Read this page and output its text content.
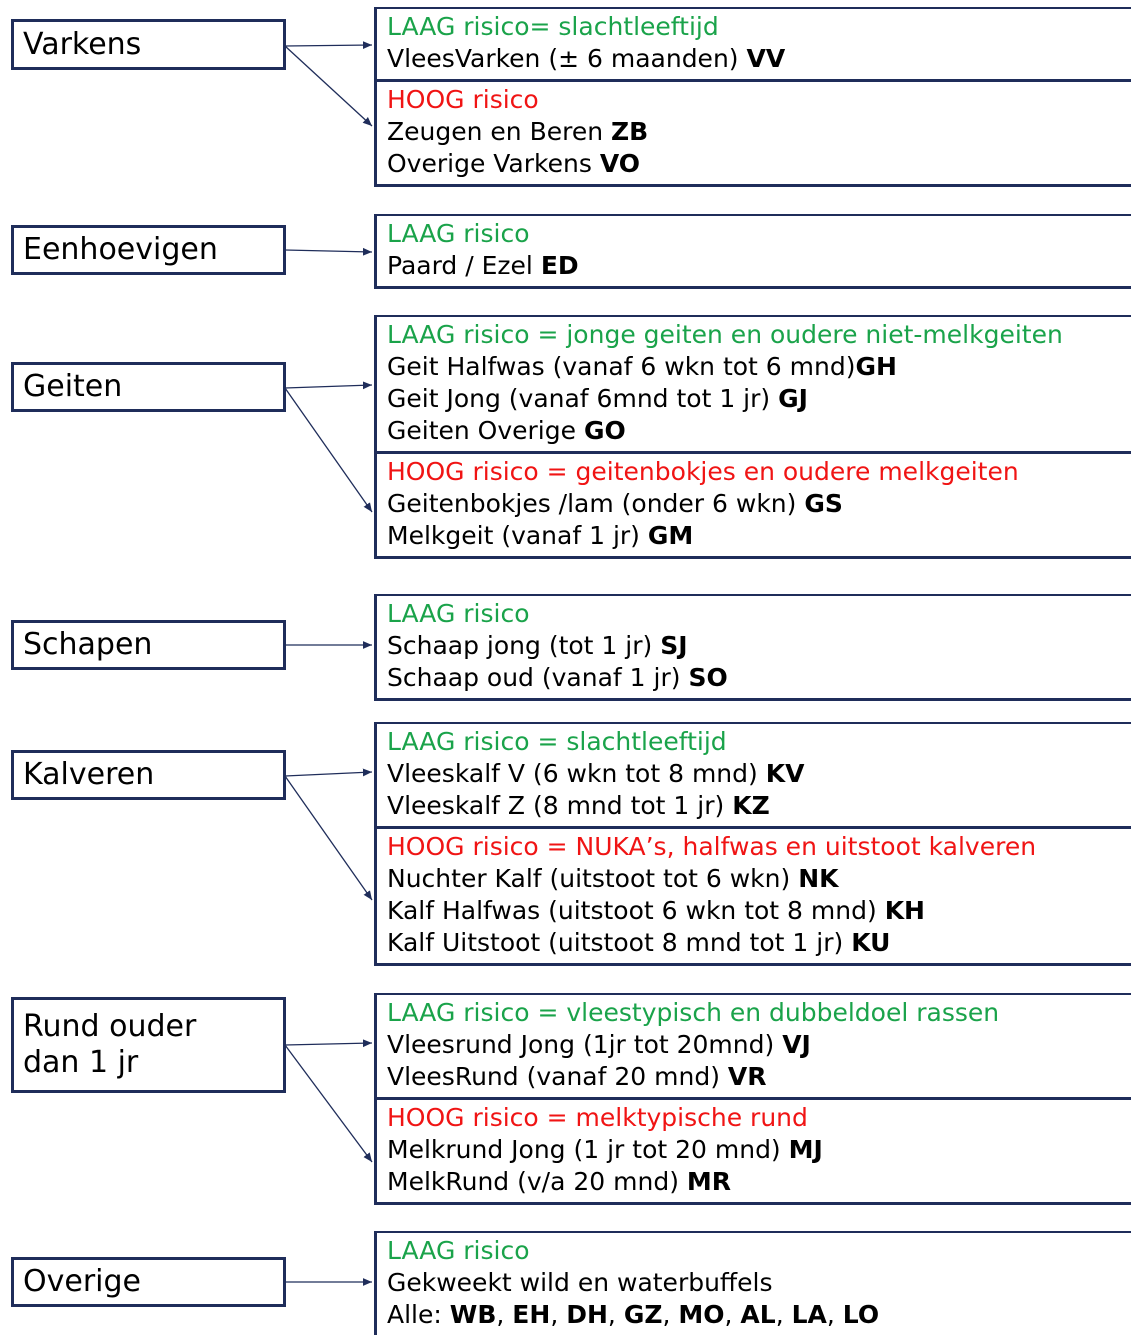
Varkens
Eenhoevigen
Geiten
Schapen
Kalveren
Rund ouder
dan 1 jr
Overige
LAAG risico= slachtleeftijd
VleesVarken (± 6 maanden) VV
HOOG risico
Zeugen en Beren ZB
Overige Varkens VO
LAAG risico
Paard / Ezel ED
LAAG risico = jonge geiten en oudere niet-melkgeiten
Geit Halfwas (vanaf 6 wkn tot 6 mnd)GH
Geit Jong (vanaf 6mnd tot 1 jr) GJ
Geiten Overige GO
HOOG risico = geitenbokjes en oudere melkgeiten
Geitenbokjes /lam (onder 6 wkn) GS
Melkgeit (vanaf 1 jr) GM
LAAG risico
Schaap jong (tot 1 jr) SJ
Schaap oud (vanaf 1 jr) SO
LAAG risico = slachtleeftijd
Vleeskalf V (6 wkn tot 8 mnd) KV
Vleeskalf Z (8 mnd tot 1 jr) KZ
HOOG risico = NUKA’s, halfwas en uitstoot kalveren
Nuchter Kalf (uitstoot tot 6 wkn) NK
Kalf Halfwas (uitstoot 6 wkn tot 8 mnd) KH
Kalf Uitstoot (uitstoot 8 mnd tot 1 jr) KU
LAAG risico = vleestypisch en dubbeldoel rassen
Vleesrund Jong (1jr tot 20mnd) VJ
VleesRund (vanaf 20 mnd) VR
HOOG risico = melktypische rund
Melkrund Jong (1 jr tot 20 mnd) MJ
MelkRund (v/a 20 mnd) MR
LAAG risico
Gekweekt wild en waterbuffels
Alle: WB, EH, DH, GZ, MO, AL, LA, LO
